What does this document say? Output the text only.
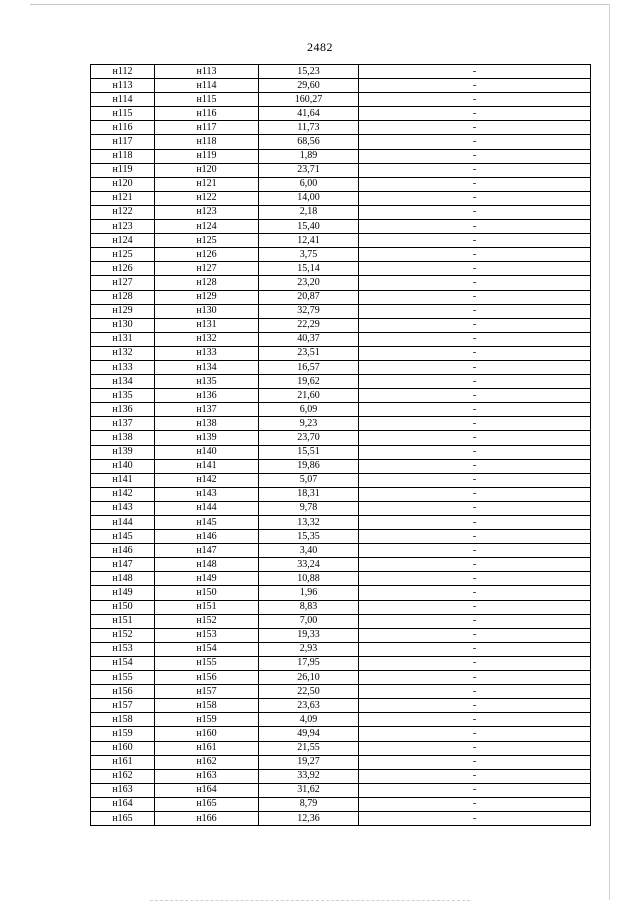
2482
н112	н113	15,23	-
н113	н114	29,60	-
н114	н115	160,27	-
н115	н116	41,64	-
н116	н117	11,73	-
н117	н118	68,56	-
н118	н119	1,89	-
н119	н120	23,71	-
н120	н121	6,00	-
н121	н122	14,00	-
н122	н123	2,18	-
н123	н124	15,40	-
н124	н125	12,41	-
н125	н126	3,75	-
н126	н127	15,14	-
н127	н128	23,20	-
н128	н129	20,87	-
н129	н130	32,79	-
н130	н131	22,29	-
н131	н132	40,37	-
н132	н133	23,51	-
н133	н134	16,57	-
н134	н135	19,62	-
н135	н136	21,60	-
н136	н137	6,09	-
н137	н138	9,23	-
н138	н139	23,70	-
н139	н140	15,51	-
н140	н141	19,86	-
н141	н142	5,07	-
н142	н143	18,31	-
н143	н144	9,78	-
н144	н145	13,32	-
н145	н146	15,35	-
н146	н147	3,40	-
н147	н148	33,24	-
н148	н149	10,88	-
н149	н150	1,96	-
н150	н151	8,83	-
н151	н152	7,00	-
н152	н153	19,33	-
н153	н154	2,93	-
н154	н155	17,95	-
н155	н156	26,10	-
н156	н157	22,50	-
н157	н158	23,63	-
н158	н159	4,09	-
н159	н160	49,94	-
н160	н161	21,55	-
н161	н162	19,27	-
н162	н163	33,92	-
н163	н164	31,62	-
н164	н165	8,79	-
н165	н166	12,36	-
